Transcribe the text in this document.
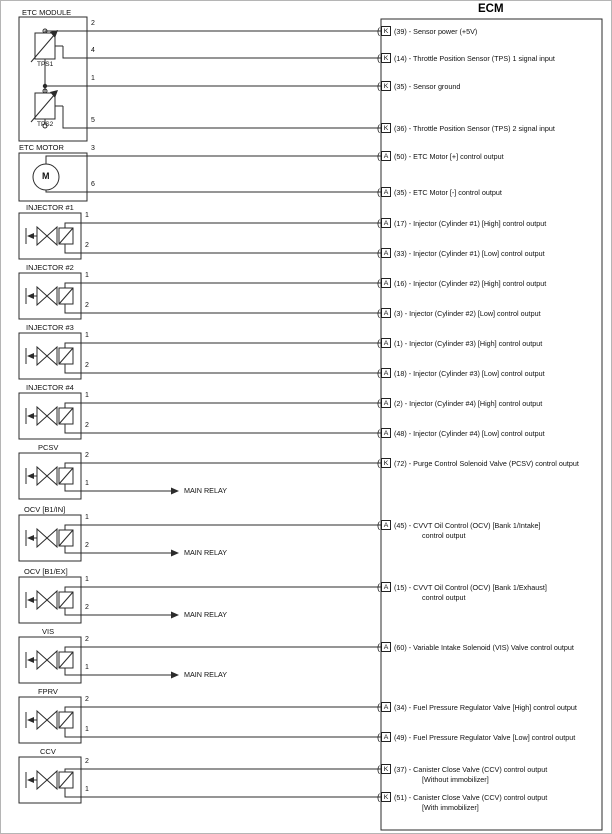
ECM
ETC MODULE
TPS1
TPS2
ETC MOTOR
M
INJECTOR #1
INJECTOR #2
INJECTOR #3
INJECTOR #4
PCSV
OCV [B1/IN]
OCV [B1/EX]
VIS
FPRV
CCV
2
4
1
5
3
6
1
2
1
2
1
2
1
2
2
1
1
2
1
2
2
1
2
1
2
1
MAIN RELAY
MAIN RELAY
MAIN RELAY
MAIN RELAY
( K (39) - Sensor power (+5V)
( K (14) - Throttle Position Sensor (TPS) 1 signal input
( K (35) - Sensor ground
( K (36) - Throttle Position Sensor (TPS) 2 signal input
( A (50) - ETC Motor [+] control output
( A (35) - ETC Motor [-] control output
( A (17) - Injector (Cylinder #1) [High] control output
( A (33) - Injector (Cylinder #1) [Low] control output
( A (16) - Injector (Cylinder #2) [High] control output
( A (3) - Injector (Cylinder #2) [Low] control output
( A (1) - Injector (Cylinder #3) [High] control output
( A (18) - Injector (Cylinder #3) [Low] control output
( A (2) - Injector (Cylinder #4) [High] control output
( A (48) - Injector (Cylinder #4) [Low] control output
( K (72) - Purge Control Solenoid Valve (PCSV) control output
( A (45) - CVVT Oil Control (OCV) [Bank 1/Intake]
control output
( A (15) - CVVT Oil Control (OCV) [Bank 1/Exhaust]
control output
( A (60) - Variable Intake Solenoid (VIS) Valve control output
( A (34) - Fuel Pressure Regulator Valve [High] control output
( A (49) - Fuel Pressure Regulator Valve [Low] control output
( K (37) - Canister Close Valve (CCV) control output
[Without immobilizer]
( K (51) - Canister Close Valve (CCV) control output
[With immobilizer]
